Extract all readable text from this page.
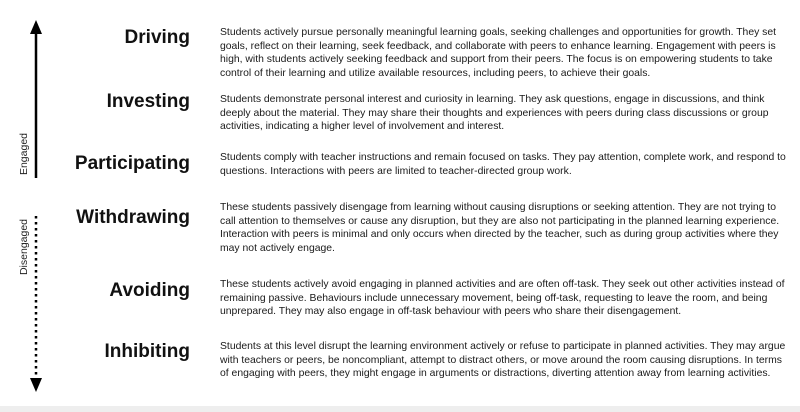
Engaged
Disengaged
Driving	Students actively pursue personally meaningful learning goals, seeking challenges and opportunities for growth. They set goals, reflect on their learning, seek feedback, and collaborate with peers to enhance learning. Engagement with peers is high, with students actively seeking feedback and support from their peers. The focus is on empowering students to take control of their learning and utilize available resources, including peers, to achieve their goals.
Investing	Students demonstrate personal interest and curiosity in learning. They ask questions, engage in discussions, and think deeply about the material. They may share their thoughts and experiences with peers during class discussions or group activities, indicating a higher level of involvement and interest.
Participating	Students comply with teacher instructions and remain focused on tasks. They pay attention, complete work, and respond to questions. Interactions with peers are limited to teacher-directed group work.
Withdrawing	These students passively disengage from learning without causing disruptions or seeking attention. They are not trying to call attention to themselves or cause any disruption, but they are also not participating in the planned learning experience. Interaction with peers is minimal and only occurs when directed by the teacher, such as during group activities where they may not actively engage.
Avoiding	These students actively avoid engaging in planned activities and are often off-task. They seek out other activities instead of remaining passive. Behaviours include unnecessary movement, being off-task, requesting to leave the room, and being unprepared. They may also engage in off-task behaviour with peers who share their disengagement.
Inhibiting	Students at this level disrupt the learning environment actively or refuse to participate in planned activities. They may argue with teachers or peers, be noncompliant, attempt to distract others, or move around the room causing disruptions. In terms of engaging with peers, they might engage in arguments or distractions, diverting attention away from learning activities.
